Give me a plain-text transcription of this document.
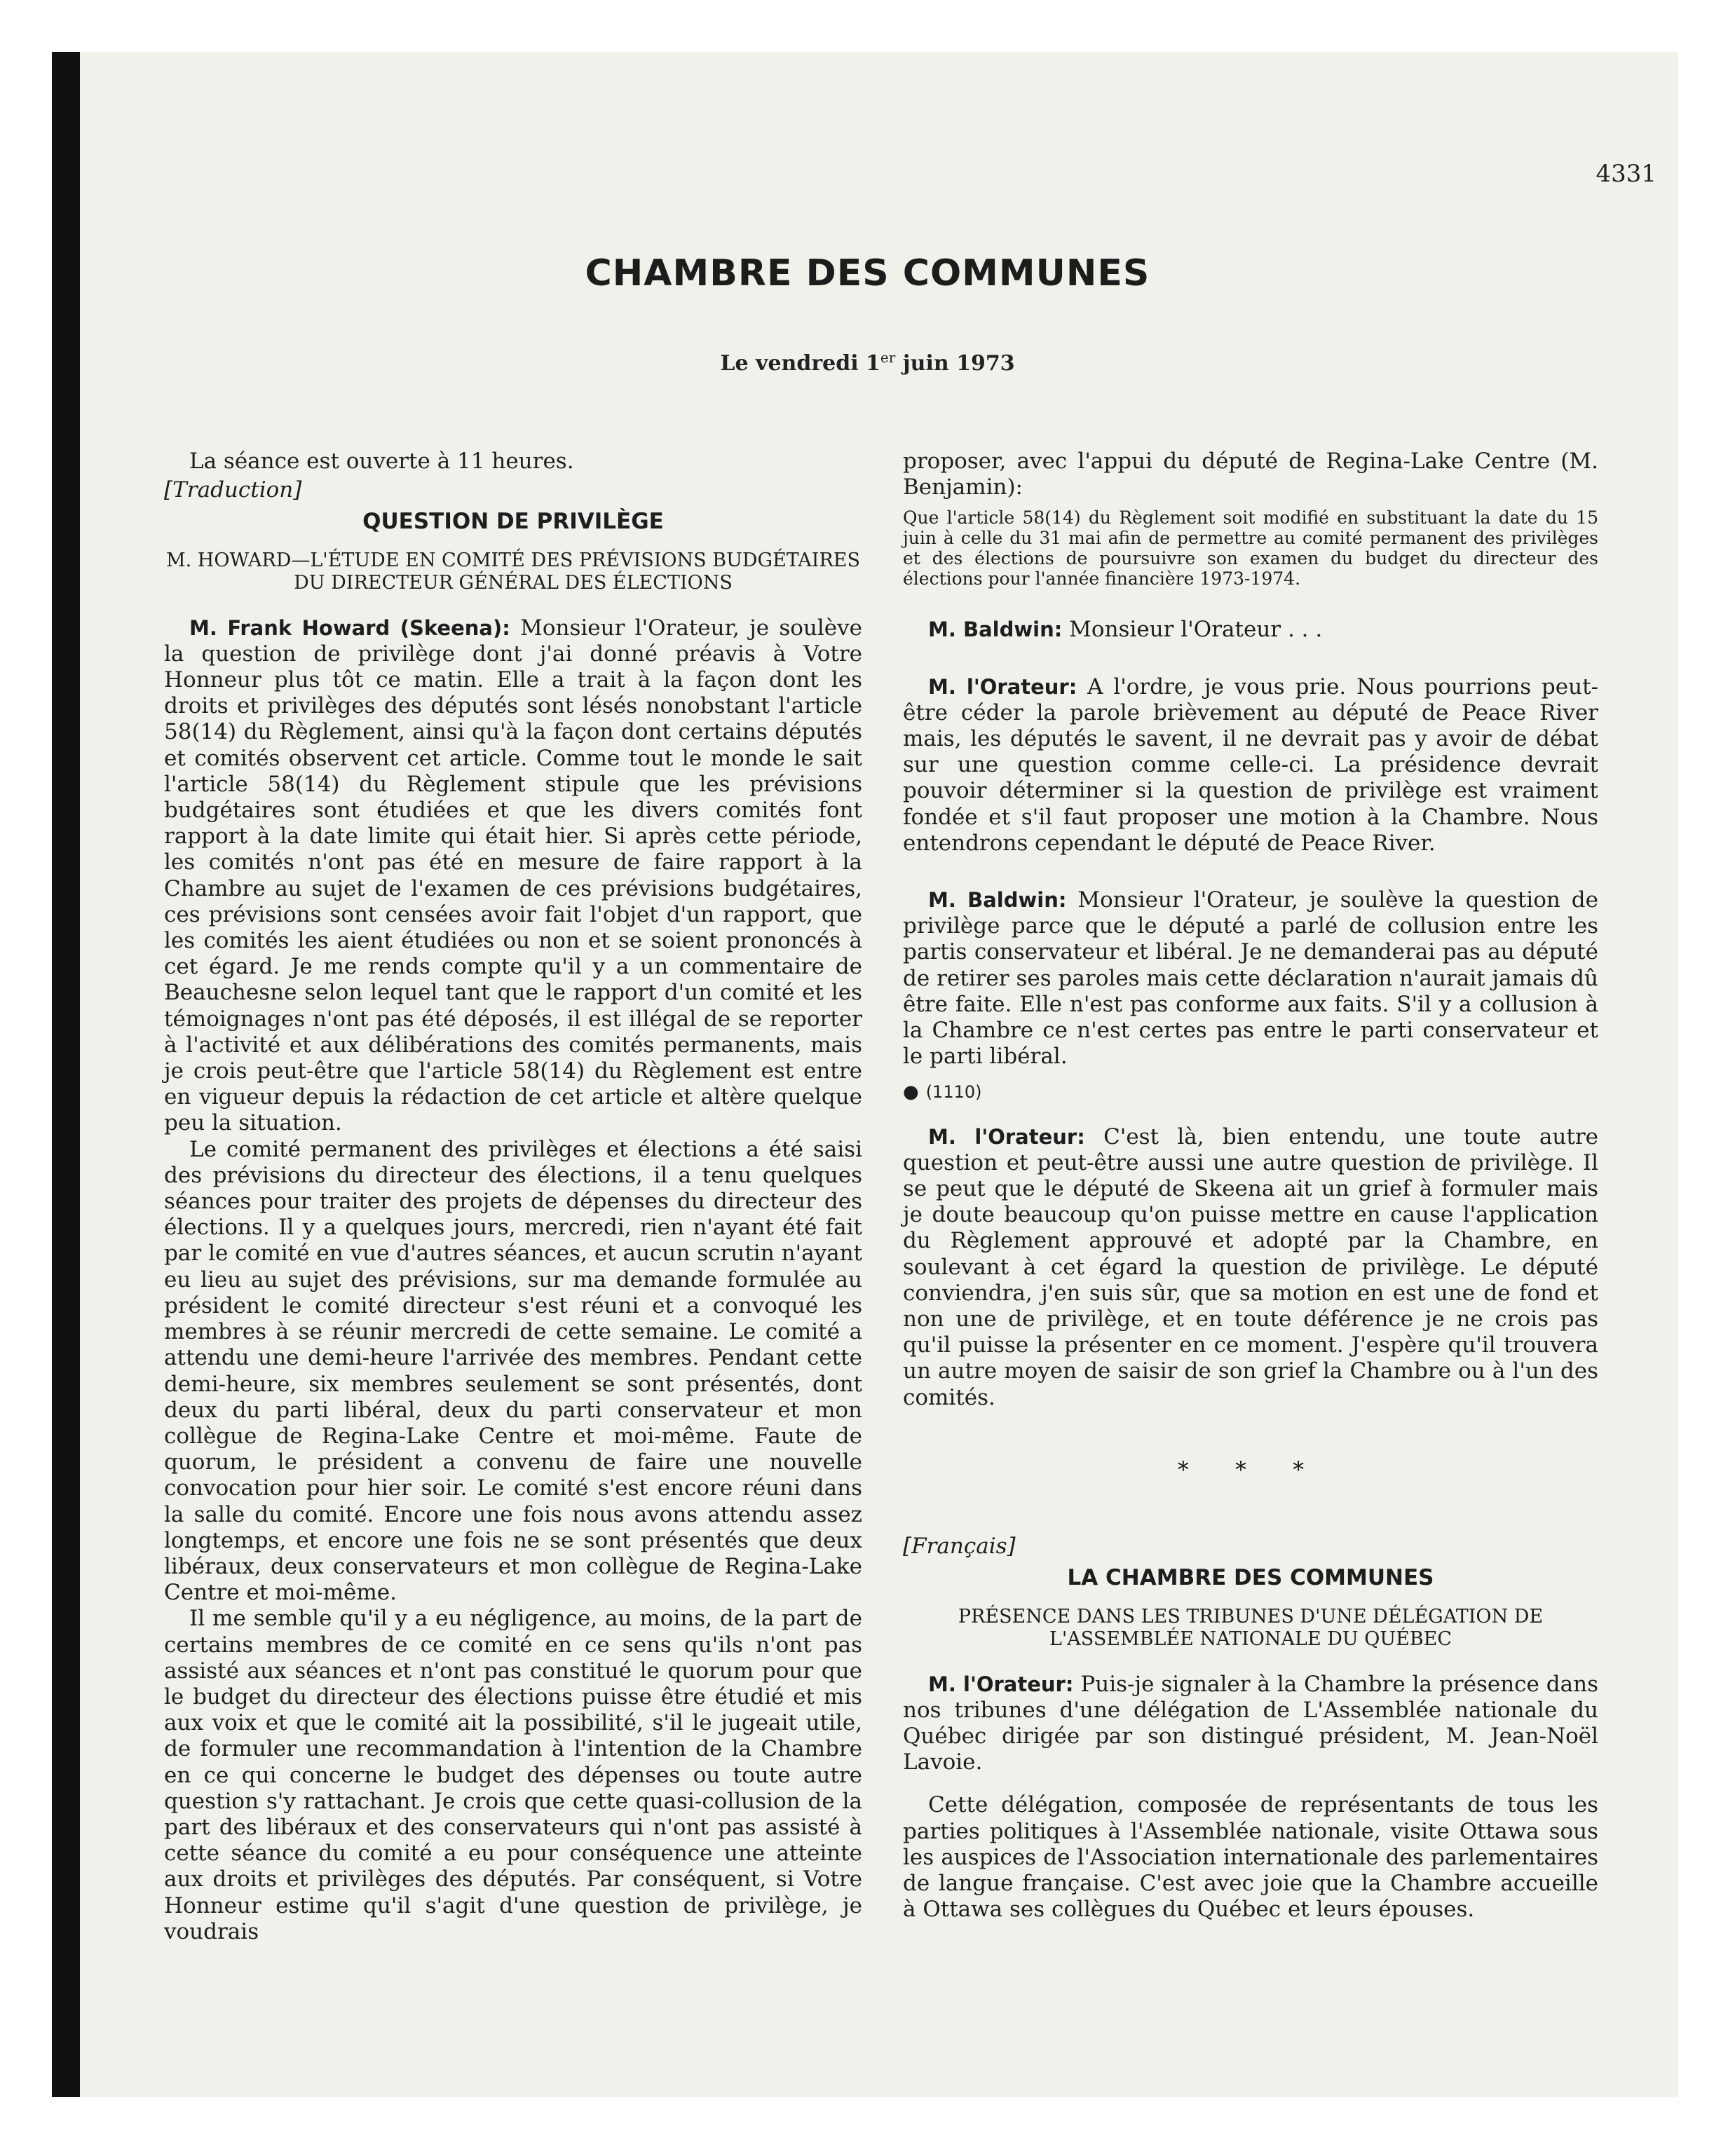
4331
CHAMBRE DES COMMUNES
Le vendredi 1er juin 1973

La séance est ouverte à 11 heures.

[Traduction]
QUESTION DE PRIVILÈGE
M. HOWARD—L'ÉTUDE EN COMITÉ DES PRÉVISIONS BUDGÉTAIRES DU DIRECTEUR GÉNÉRAL DES ÉLECTIONS

M. Frank Howard (Skeena): Monsieur l'Orateur, je soulève la question de privilège dont j'ai donné préavis à Votre Honneur plus tôt ce matin. Elle a trait à la façon dont les droits et privilèges des députés sont lésés nonobstant l'article 58(14) du Règlement, ainsi qu'à la façon dont certains députés et comités observent cet article. Comme tout le monde le sait l'article 58(14) du Règlement stipule que les prévisions budgétaires sont étudiées et que les divers comités font rapport à la date limite qui était hier. Si après cette période, les comités n'ont pas été en mesure de faire rapport à la Chambre au sujet de l'examen de ces prévisions budgétaires, ces prévisions sont censées avoir fait l'objet d'un rapport, que les comités les aient étudiées ou non et se soient prononcés à cet égard. Je me rends compte qu'il y a un commentaire de Beauchesne selon lequel tant que le rapport d'un comité et les témoignages n'ont pas été déposés, il est illégal de se reporter à l'activité et aux délibérations des comités permanents, mais je crois peut-être que l'article 58(14) du Règlement est entre en vigueur depuis la rédaction de cet article et altère quelque peu la situation.

Le comité permanent des privilèges et élections a été saisi des prévisions du directeur des élections, il a tenu quelques séances pour traiter des projets de dépenses du directeur des élections. Il y a quelques jours, mercredi, rien n'ayant été fait par le comité en vue d'autres séances, et aucun scrutin n'ayant eu lieu au sujet des prévisions, sur ma demande formulée au président le comité directeur s'est réuni et a convoqué les membres à se réunir mercredi de cette semaine. Le comité a attendu une demi-heure l'arrivée des membres. Pendant cette demi-heure, six membres seulement se sont présentés, dont deux du parti libéral, deux du parti conservateur et mon collègue de Regina-Lake Centre et moi-même. Faute de quorum, le président a convenu de faire une nouvelle convocation pour hier soir. Le comité s'est encore réuni dans la salle du comité. Encore une fois nous avons attendu assez longtemps, et encore une fois ne se sont présentés que deux libéraux, deux conservateurs et mon collègue de Regina-Lake Centre et moi-même.

Il me semble qu'il y a eu négligence, au moins, de la part de certains membres de ce comité en ce sens qu'ils n'ont pas assisté aux séances et n'ont pas constitué le quorum pour que le budget du directeur des élections puisse être étudié et mis aux voix et que le comité ait la possibilité, s'il le jugeait utile, de formuler une recommandation à l'intention de la Chambre en ce qui concerne le budget des dépenses ou toute autre question s'y rattachant. Je crois que cette quasi-collusion de la part des libéraux et des conservateurs qui n'ont pas assisté à cette séance du comité a eu pour conséquence une atteinte aux droits et privilèges des députés. Par conséquent, si Votre Honneur estime qu'il s'agit d'une question de privilège, je voudrais

proposer, avec l'appui du député de Regina-Lake Centre (M. Benjamin):

Que l'article 58(14) du Règlement soit modifié en substituant la date du 15 juin à celle du 31 mai afin de permettre au comité permanent des privilèges et des élections de poursuivre son examen du budget du directeur des élections pour l'année financière 1973-1974.

M. Baldwin: Monsieur l'Orateur . . .

M. l'Orateur: A l'ordre, je vous prie. Nous pourrions peut-être céder la parole brièvement au député de Peace River mais, les députés le savent, il ne devrait pas y avoir de débat sur une question comme celle-ci. La présidence devrait pouvoir déterminer si la question de privilège est vraiment fondée et s'il faut proposer une motion à la Chambre. Nous entendrons cependant le député de Peace River.

M. Baldwin: Monsieur l'Orateur, je soulève la question de privilège parce que le député a parlé de collusion entre les partis conservateur et libéral. Je ne demanderai pas au député de retirer ses paroles mais cette déclaration n'aurait jamais dû être faite. Elle n'est pas conforme aux faits. S'il y a collusion à la Chambre ce n'est certes pas entre le parti conservateur et le parti libéral.

● (1110)

M. l'Orateur: C'est là, bien entendu, une toute autre question et peut-être aussi une autre question de privilège. Il se peut que le député de Skeena ait un grief à formuler mais je doute beaucoup qu'on puisse mettre en cause l'application du Règlement approuvé et adopté par la Chambre, en soulevant à cet égard la question de privilège. Le député conviendra, j'en suis sûr, que sa motion en est une de fond et non une de privilège, et en toute déférence je ne crois pas qu'il puisse la présenter en ce moment. J'espère qu'il trouvera un autre moyen de saisir de son grief la Chambre ou à l'un des comités.

* * *
[Français]
LA CHAMBRE DES COMMUNES
PRÉSENCE DANS LES TRIBUNES D'UNE DÉLÉGATION DE L'ASSEMBLÉE NATIONALE DU QUÉBEC

M. l'Orateur: Puis-je signaler à la Chambre la présence dans nos tribunes d'une délégation de L'Assemblée nationale du Québec dirigée par son distingué président, M. Jean-Noël Lavoie.

Cette délégation, composée de représentants de tous les parties politiques à l'Assemblée nationale, visite Ottawa sous les auspices de l'Association internationale des parlementaires de langue française. C'est avec joie que la Chambre accueille à Ottawa ses collègues du Québec et leurs épouses.
